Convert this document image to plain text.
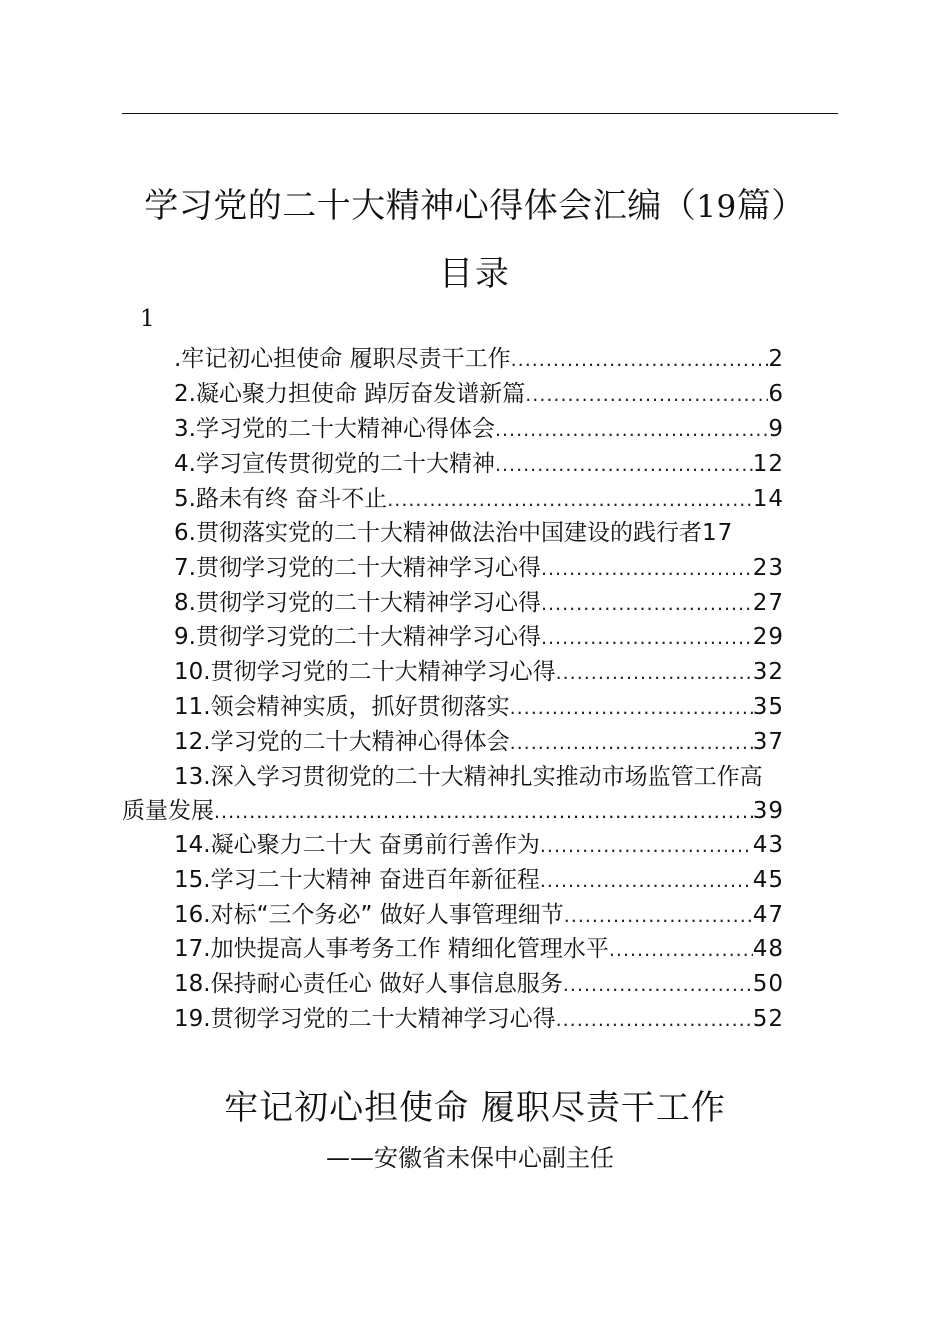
学习党的二十大精神心得体会汇编（19篇）
目录
1
.牢记初心担使命 履职尽责干工作 .....	2
2.凝心聚力担使命 踔厉奋发谱新篇 .....	6
3.学习党的二十大精神心得体会 .....	9
4.学习宣传贯彻党的二十大精神 .....	12
5.路未有终 奋斗不止 .....	14
6.贯彻落实党的二十大精神做法治中国建设的践行者 17
7.贯彻学习党的二十大精神学习心得 .....	23
8.贯彻学习党的二十大精神学习心得 .....	27
9.贯彻学习党的二十大精神学习心得 .....	29
10.贯彻学习党的二十大精神学习心得 .....	32
11.领会精神实质，抓好贯彻落实 .....	35
12.学习党的二十大精神心得体会 .....	37
13.深入学习贯彻党的二十大精神扎实推动市场监管工作高
质量发展 .....	39
14.凝心聚力二十大 奋勇前行善作为 .....	43
15.学习二十大精神 奋进百年新征程 .....	45
16.对标“三个务必” 做好人事管理细节 .....	47
17.加快提高人事考务工作 精细化管理水平 .....	48
18.保持耐心责任心 做好人事信息服务 .....	50
19.贯彻学习党的二十大精神学习心得 .....	52
牢记初心担使命 履职尽责干工作
——安徽省未保中心副主任
